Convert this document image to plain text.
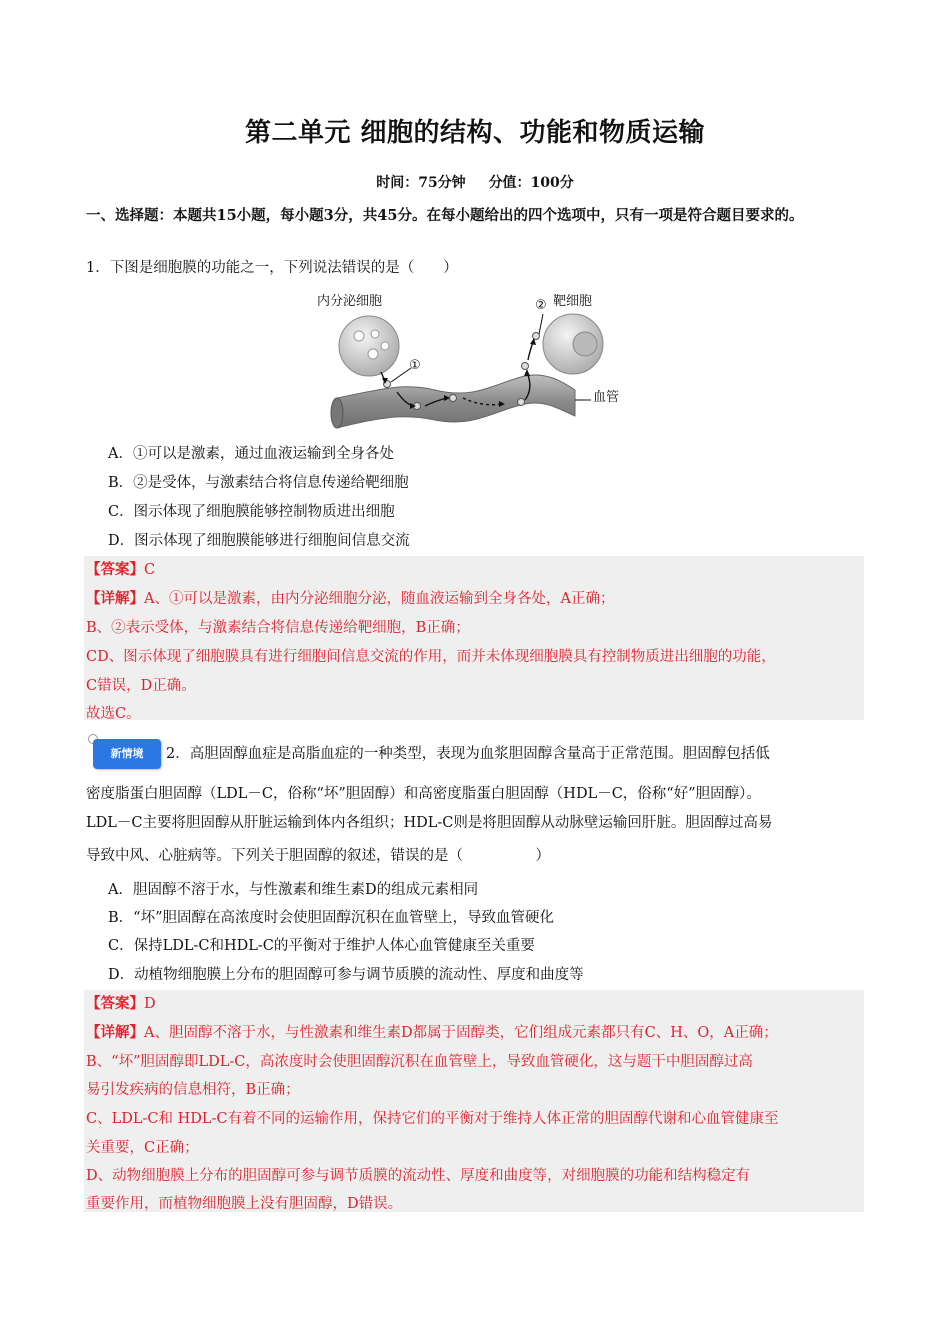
第二单元 细胞的结构、功能和物质运输
时间：75分钟 分值：100分
一、选择题：本题共15小题，每小题3分，共45分。在每小题给出的四个选项中，只有一项是符合题目要求的。
1．下图是细胞膜的功能之一，下列说法错误的是（　　）
内分泌细胞	靶细胞
②
①
血管
A．①可以是激素，通过血液运输到全身各处
B．②是受体，与激素结合将信息传递给靶细胞
C．图示体现了细胞膜能够控制物质进出细胞
D．图示体现了细胞膜能够进行细胞间信息交流
【答案】C
【详解】A、①可以是激素，由内分泌细胞分泌，随血液运输到全身各处，A正确；
B、②表示受体，与激素结合将信息传递给靶细胞，B正确；
CD、图示体现了细胞膜具有进行细胞间信息交流的作用，而并未体现细胞膜具有控制物质进出细胞的功能，
C错误，D正确。
故选C。
新情境	2．高胆固醇血症是高脂血症的一种类型，表现为血浆胆固醇含量高于正常范围。胆固醇包括低
密度脂蛋白胆固醇（LDL－C，俗称“坏”胆固醇）和高密度脂蛋白胆固醇（HDL－C，俗称“好”胆固醇）。
LDL－C主要将胆固醇从肝脏运输到体内各组织；HDL-C则是将胆固醇从动脉壁运输回肝脏。胆固醇过高易
导致中风、心脏病等。下列关于胆固醇的叙述，错误的是（　　　　　）
A．胆固醇不溶于水，与性激素和维生素D的组成元素相同
B．“坏”胆固醇在高浓度时会使胆固醇沉积在血管壁上，导致血管硬化
C．保持LDL-C和HDL-C的平衡对于维护人体心血管健康至关重要
D．动植物细胞膜上分布的胆固醇可参与调节质膜的流动性、厚度和曲度等
【答案】D
【详解】A、胆固醇不溶于水，与性激素和维生素D都属于固醇类，它们组成元素都只有C、H、O，A正确；
B、“坏”胆固醇即LDL-C，高浓度时会使胆固醇沉积在血管壁上，导致血管硬化，这与题干中胆固醇过高
易引发疾病的信息相符，B正确；
C、LDL-C和 HDL-C有着不同的运输作用，保持它们的平衡对于维持人体正常的胆固醇代谢和心血管健康至
关重要，C正确；
D、动物细胞膜上分布的胆固醇可参与调节质膜的流动性、厚度和曲度等，对细胞膜的功能和结构稳定有
重要作用，而植物细胞膜上没有胆固醇，D错误。
